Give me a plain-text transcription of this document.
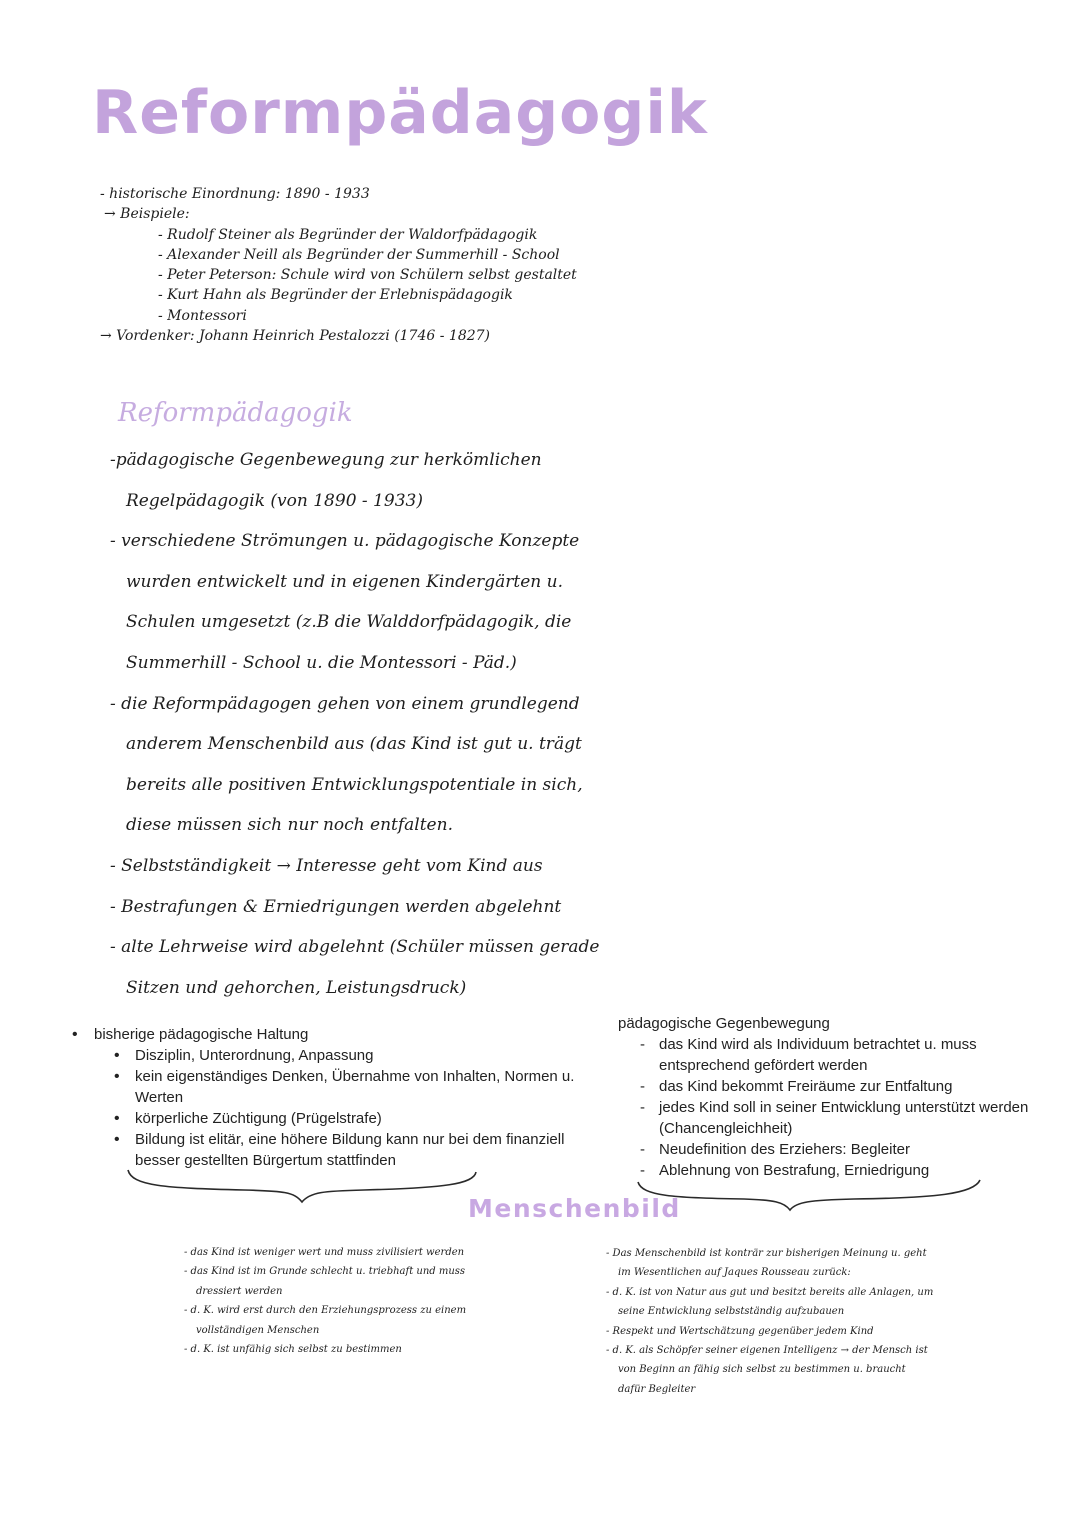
Reformpädagogik
- historische Einordnung: 1890 - 1933
→ Beispiele:
- Rudolf Steiner als Begründer der Waldorfpädagogik
- Alexander Neill als Begründer der Summerhill - School
- Peter Peterson: Schule wird von Schülern selbst gestaltet
- Kurt Hahn als Begründer der Erlebnispädagogik
- Montessori
→ Vordenker: Johann Heinrich Pestalozzi (1746 - 1827)
Reformpädagogik
-pädagogische Gegenbewegung zur herkömlichen
Regelpädagogik (von 1890 - 1933)
- verschiedene Strömungen u. pädagogische Konzepte
wurden entwickelt und in eigenen Kindergärten u.
Schulen umgesetzt (z.B die Walddorfpädagogik, die
Summerhill - School u. die Montessori - Päd.)
- die Reformpädagogen gehen von einem grundlegend
anderem Menschenbild aus (das Kind ist gut u. trägt
bereits alle positiven Entwicklungspotentiale in sich,
diese müssen sich nur noch entfalten.
- Selbstständigkeit → Interesse geht vom Kind aus
- Bestrafungen & Erniedrigungen werden abgelehnt
- alte Lehrweise wird abgelehnt (Schüler müssen gerade
Sitzen und gehorchen, Leistungsdruck)
• bisherige pädagogische Haltung
• Disziplin, Unterordnung, Anpassung
• kein eigenständiges Denken, Übernahme von Inhalten, Normen u. Werten
• körperliche Züchtigung (Prügelstrafe)
• Bildung ist elitär, eine höhere Bildung kann nur bei dem finanziell besser gestellten Bürgertum stattfinden
pädagogische Gegenbewegung
- das Kind wird als Individuum betrachtet u. muss entsprechend gefördert werden
- das Kind bekommt Freiräume zur Entfaltung
- jedes Kind soll in seiner Entwicklung unterstützt werden (Chancengleichheit)
- Neudefinition des Erziehers: Begleiter
- Ablehnung von Bestrafung, Erniedrigung
Menschenbild
- das Kind ist weniger wert und muss zivilisiert werden
- das Kind ist im Grunde schlecht u. triebhaft und muss
dressiert werden
- d. K. wird erst durch den Erziehungsprozess zu einem
vollständigen Menschen
- d. K. ist unfähig sich selbst zu bestimmen
- Das Menschenbild ist konträr zur bisherigen Meinung u. geht
im Wesentlichen auf Jaques Rousseau zurück:
- d. K. ist von Natur aus gut und besitzt bereits alle Anlagen, um
seine Entwicklung selbstständig aufzubauen
- Respekt und Wertschätzung gegenüber jedem Kind
- d. K. als Schöpfer seiner eigenen Intelligenz → der Mensch ist
von Beginn an fähig sich selbst zu bestimmen u. braucht
dafür Begleiter
